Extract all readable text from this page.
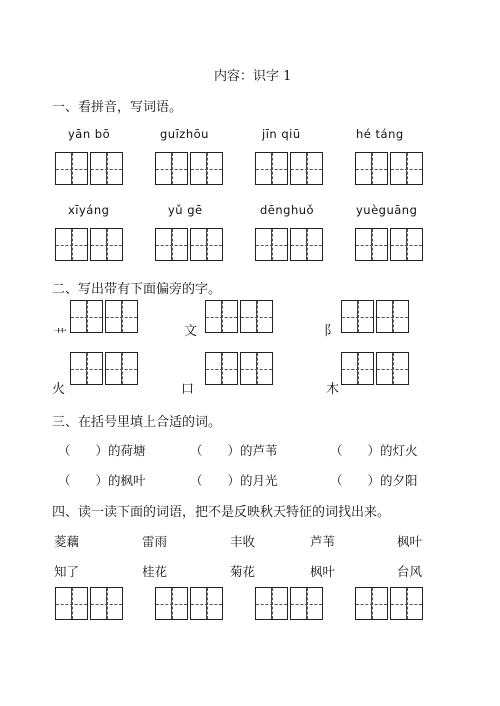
内容：识字 1
一、看拼音，写词语。
yān bō	guīzhōu	jīn qiū	hé táng
xīyáng	yǔ gē	dēnghuǒ	yuèguāng
二、写出带有下面偏旁的字。
艹	文	阝
火	口	木
三、在括号里填上合适的词。
（　　）的荷塘	（　　）的芦苇	（　　）的灯火
（　　）的枫叶	（　　）的月光	（　　）的夕阳
四、读一读下面的词语，把不是反映秋天特征的词找出来。
菱藕	雷雨	丰收	芦苇	枫叶
知了	桂花	菊花	枫叶	台风
